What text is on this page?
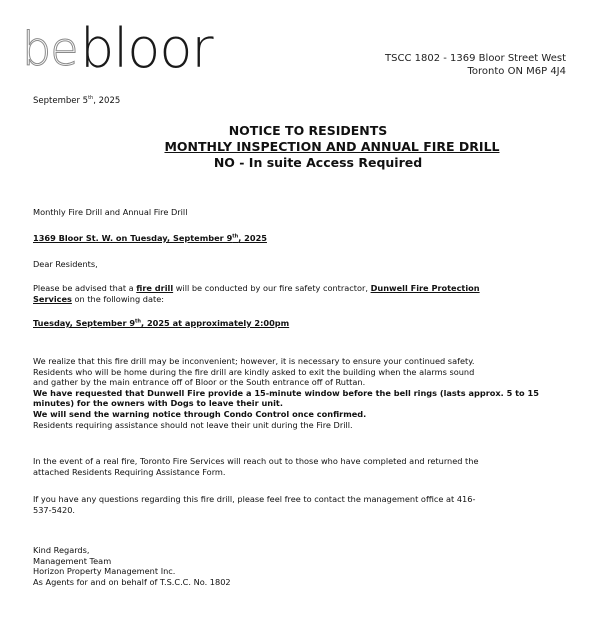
be bloor	TSCC 1802 - 1369 Bloor Street West
Toronto ON M6P 4J4
September 5th, 2025
NOTICE TO RESIDENTS
MONTHLY INSPECTION AND ANNUAL FIRE DRILL
NO - In suite Access Required
Monthly Fire Drill and Annual Fire Drill
1369 Bloor St. W. on Tuesday, September 9th, 2025
Dear Residents,
Please be advised that a fire drill will be conducted by our fire safety contractor, Dunwell Fire Protection
Services on the following date:
Tuesday, September 9th, 2025 at approximately 2:00pm
We realize that this fire drill may be inconvenient; however, it is necessary to ensure your continued safety.
Residents who will be home during the fire drill are kindly asked to exit the building when the alarms sound
and gather by the main entrance off of Bloor or the South entrance off of Ruttan.
We have requested that Dunwell Fire provide a 15-minute window before the bell rings (lasts approx. 5 to 15
minutes) for the owners with Dogs to leave their unit.
We will send the warning notice through Condo Control once confirmed.
Residents requiring assistance should not leave their unit during the Fire Drill.
In the event of a real fire, Toronto Fire Services will reach out to those who have completed and returned the
attached Residents Requiring Assistance Form.
If you have any questions regarding this fire drill, please feel free to contact the management office at 416-
537-5420.
Kind Regards,
Management Team
Horizon Property Management Inc.
As Agents for and on behalf of T.S.C.C. No. 1802
